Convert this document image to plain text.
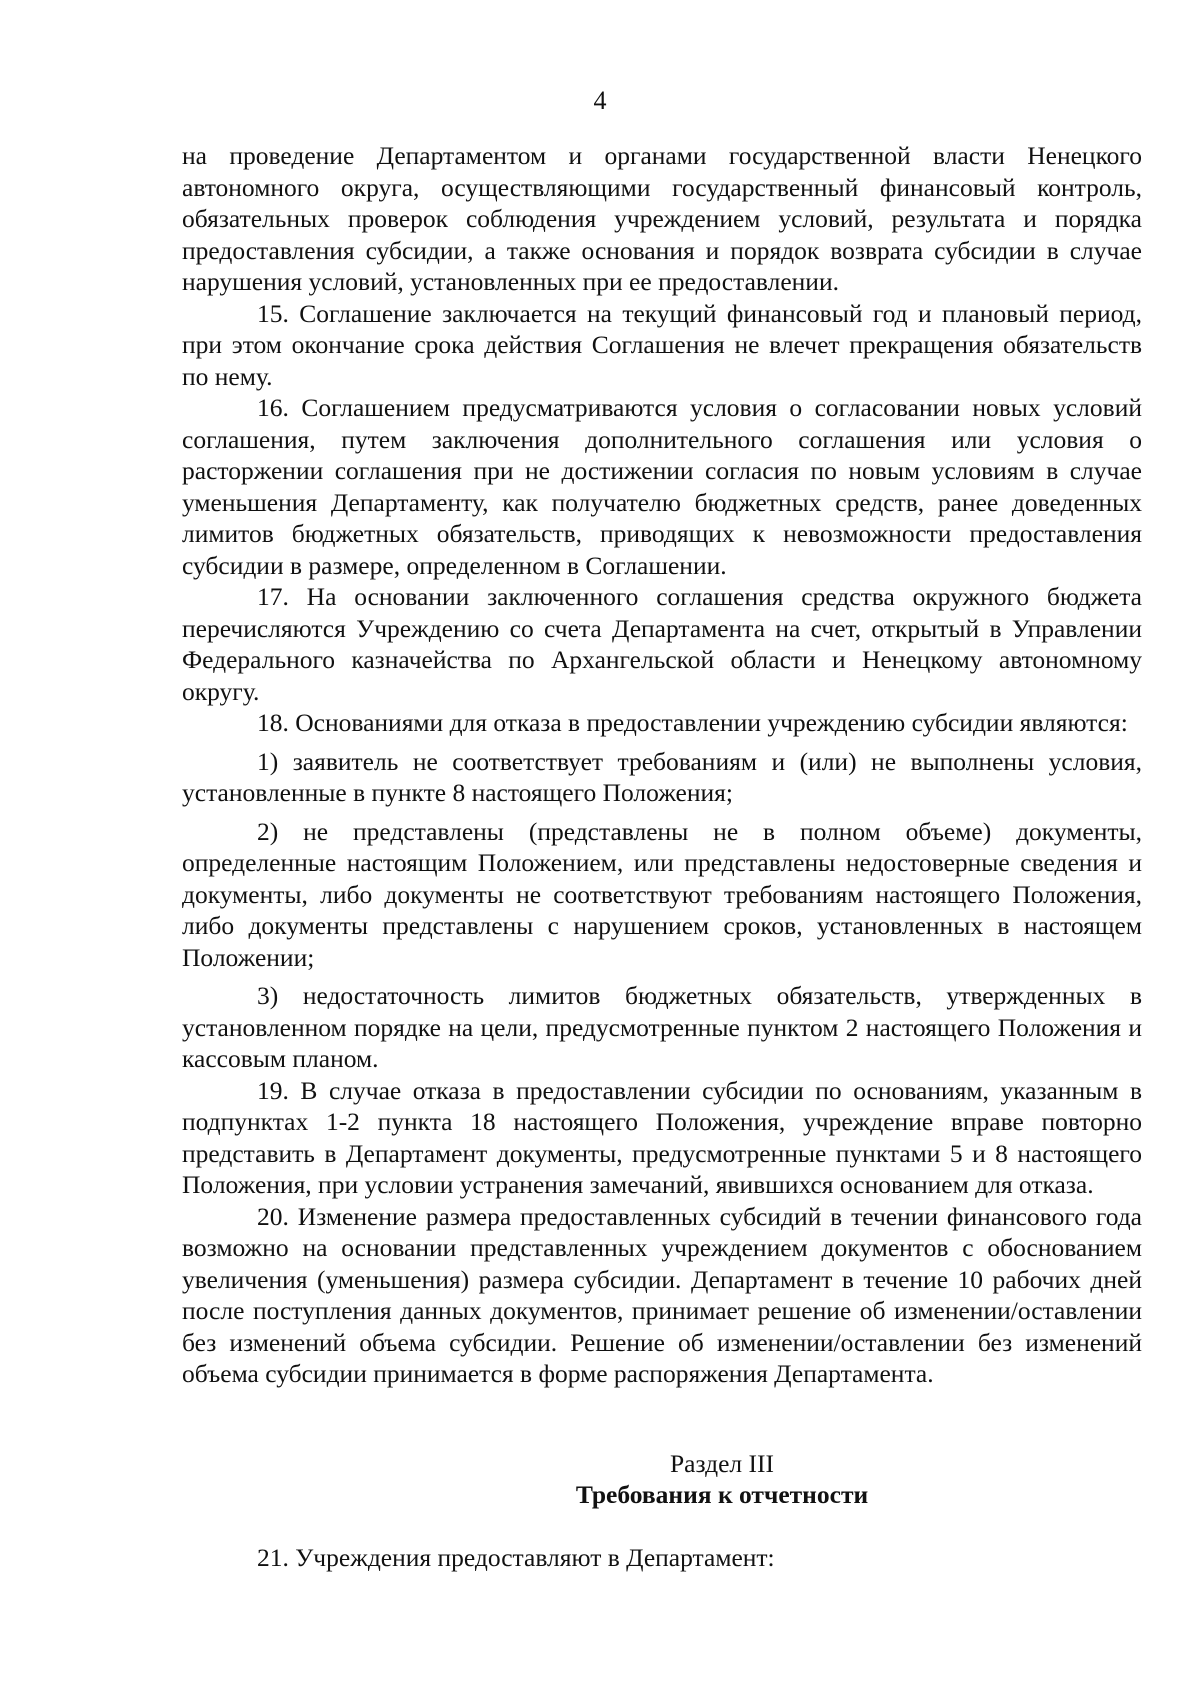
4

на проведение Департаментом и органами государственной власти Ненецкого автономного округа, осуществляющими государственный финансовый контроль, обязательных проверок соблюдения учреждением условий, результата и порядка предоставления субсидии, а также основания и порядок возврата субсидии в случае нарушения условий, установленных при ее предоставлении.

15. Соглашение заключается на текущий финансовый год и плановый период, при этом окончание срока действия Соглашения не влечет прекращения обязательств по нему.

16. Соглашением предусматриваются условия о согласовании новых условий соглашения, путем заключения дополнительного соглашения или условия о расторжении соглашения при не достижении согласия по новым условиям в случае уменьшения Департаменту, как получателю бюджетных средств, ранее доведенных лимитов бюджетных обязательств, приводящих к невозможности предоставления субсидии в размере, определенном в Соглашении.

17. На основании заключенного соглашения средства окружного бюджета перечисляются Учреждению со счета Департамента на счет, открытый в Управлении Федерального казначейства по Архангельской области и Ненецкому автономному округу.

18. Основаниями для отказа в предоставлении учреждению субсидии являются:

1) заявитель не соответствует требованиям и (или) не выполнены условия, установленные в пункте 8 настоящего Положения;

2) не представлены (представлены не в полном объеме) документы, определенные настоящим Положением, или представлены недостоверные сведения и документы, либо документы не соответствуют требованиям настоящего Положения, либо документы представлены с нарушением сроков, установленных в настоящем Положении;

3) недостаточность лимитов бюджетных обязательств, утвержденных в установленном порядке на цели, предусмотренные пунктом 2 настоящего Положения и кассовым планом.

19. В случае отказа в предоставлении субсидии по основаниям, указанным в подпунктах 1-2 пункта 18 настоящего Положения, учреждение вправе повторно представить в Департамент документы, предусмотренные пунктами 5 и 8 настоящего Положения, при условии устранения замечаний, явившихся основанием для отказа.

20. Изменение размера предоставленных субсидий в течении финансового года возможно на основании представленных учреждением документов с обоснованием увеличения (уменьшения) размера субсидии. Департамент в течение 10 рабочих дней после поступления данных документов, принимает решение об изменении/оставлении без изменений объема субсидии. Решение об изменении/оставлении без изменений объема субсидии принимается в форме распоряжения Департамента.

Раздел III

Требования к отчетности

21. Учреждения предоставляют в Департамент:
